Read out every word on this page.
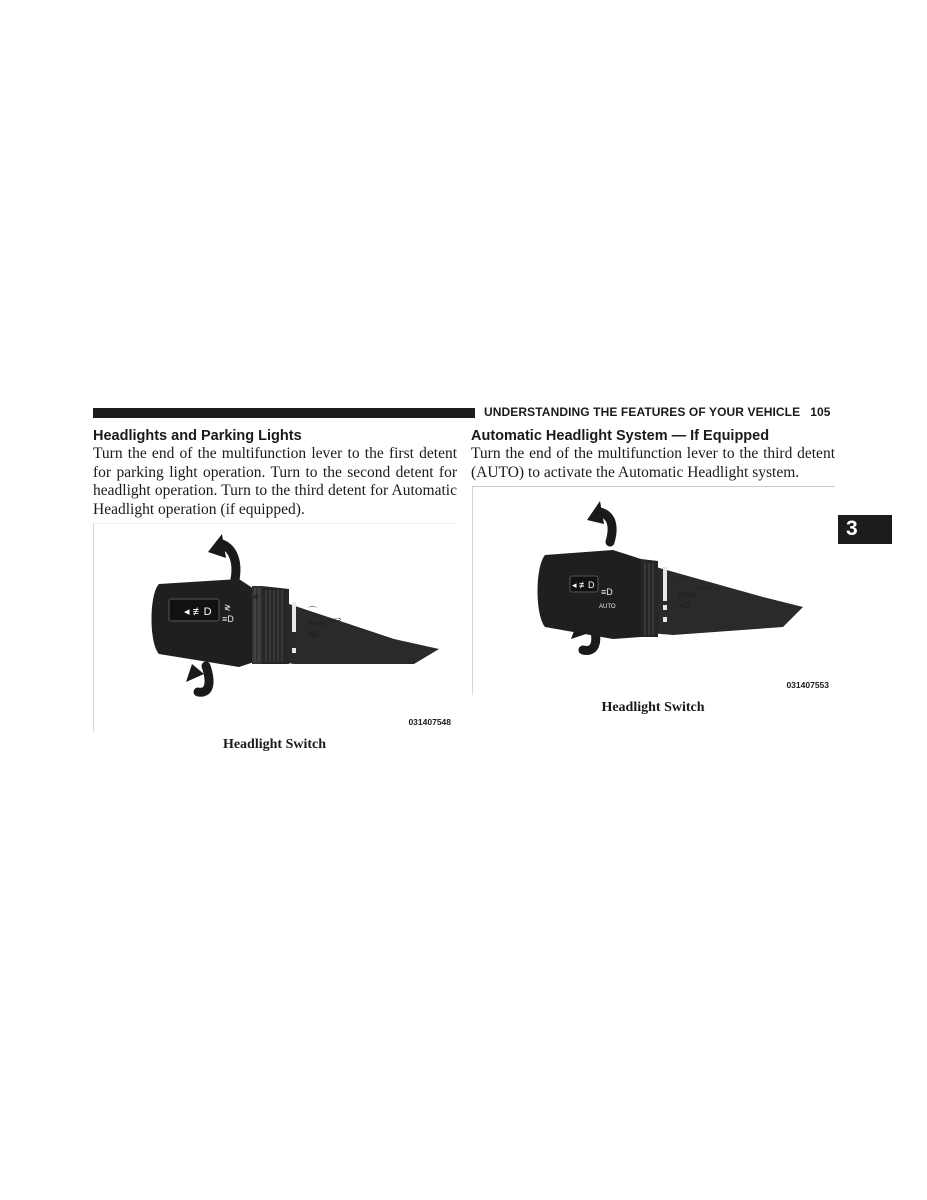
UNDERSTANDING THE FEATURES OF YOUR VEHICLE 105
3
Headlights and Parking Lights

Turn the end of the multifunction lever to the first detent for parking light operation. Turn to the second detent for headlight operation. Turn to the third detent for Automatic Headlight operation (if equipped).

Automatic Headlight System — If Equipped

Turn the end of the multifunction lever to the third detent (AUTO) to activate the Automatic Headlight system.

◂ ≢D
O ☀
≷
≡D
⌒
PUSH
≡D
⇦⇨
031407548
Headlight Switch
◂ ≢D
O
☀
≡D
AUTO
⌒
PUSH
≡D
⇦⇨
031407553
Headlight Switch
